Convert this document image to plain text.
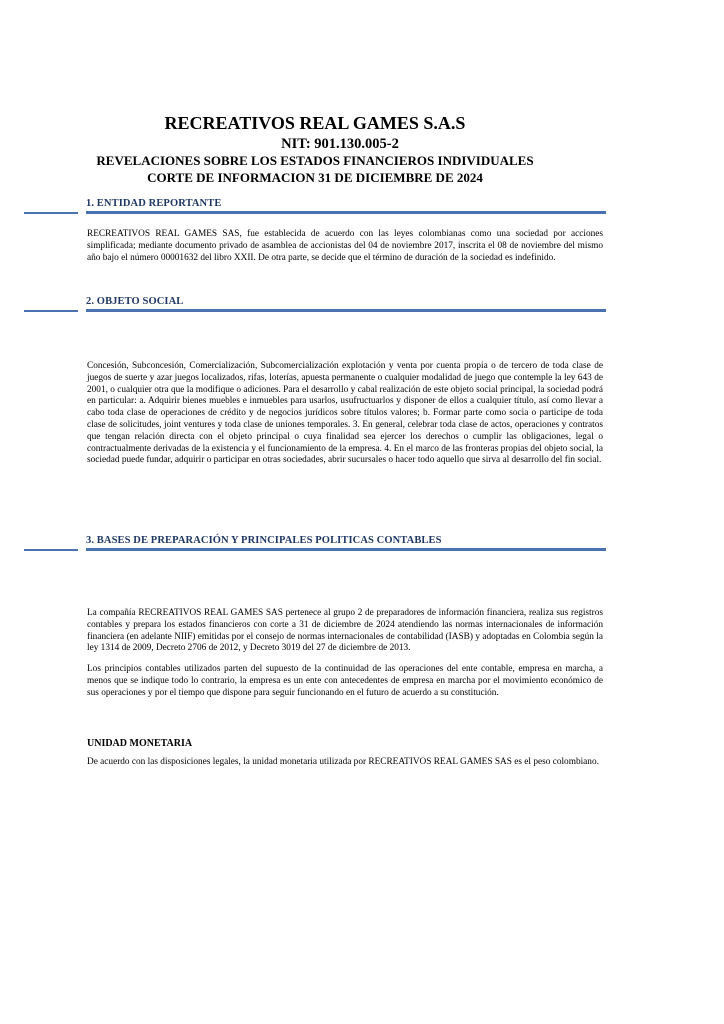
RECREATIVOS REAL GAMES S.A.S
NIT: 901.130.005-2
REVELACIONES SOBRE LOS ESTADOS FINANCIEROS INDIVIDUALES
CORTE DE INFORMACION 31 DE DICIEMBRE DE 2024
1. ENTIDAD REPORTANTE

RECREATIVOS REAL GAMES SAS, fue establecida de acuerdo con las leyes colombianas como una sociedad por acciones simplificada; mediante documento privado de asamblea de accionistas del 04 de noviembre 2017, inscrita el 08 de noviembre del mismo año bajo el número 00001632 del libro XXII. De otra parte, se decide que el término de duración de la sociedad es indefinido.

2. OBJETO SOCIAL

Concesión, Subconcesión, Comercialización, Subcomercialización explotación y venta por cuenta propia o de tercero de toda clase de juegos de suerte y azar juegos localizados, rifas, loterías, apuesta permanente o cualquier modalidad de juego que contemple la ley 643 de 2001, o cualquier otra que la modifique o adiciones. Para el desarrollo y cabal realización de este objeto social principal, la sociedad podrá en particular: a. Adquirir bienes muebles e inmuebles para usarlos, usufructuarlos y disponer de ellos a cualquier título, así como llevar a cabo toda clase de operaciones de crédito y de negocios jurídicos sobre títulos valores; b. Formar parte como socia o participe de toda clase de solicitudes, joint ventures y toda clase de uniones temporales. 3. En general, celebrar toda clase de actos, operaciones y contratos que tengan relación directa con el objeto principal o cuya finalidad sea ejercer los derechos o cumplir las obligaciones, legal o contractualmente derivadas de la existencia y el funcionamiento de la empresa. 4. En el marco de las fronteras propias del objeto social, la sociedad puede fundar, adquirir o participar en otras sociedades, abrir sucursales o hacer todo aquello que sirva al desarrollo del fin social.

3. BASES DE PREPARACIÓN Y PRINCIPALES POLITICAS CONTABLES

La compañía RECREATIVOS REAL GAMES SAS pertenece al grupo 2 de preparadores de información financiera, realiza sus registros contables y prepara los estados financieros con corte a 31 de diciembre de 2024 atendiendo las normas internacionales de información financiera (en adelante NIIF) emitidas por el consejo de normas internacionales de contabilidad (IASB) y adoptadas en Colombia según la ley 1314 de 2009, Decreto 2706 de 2012, y Decreto 3019 del 27 de diciembre de 2013.

Los principios contables utilizados parten del supuesto de la continuidad de las operaciones del ente contable, empresa en marcha, a menos que se indique todo lo contrario, la empresa es un ente con antecedentes de empresa en marcha por el movimiento económico de sus operaciones y por el tiempo que dispone para seguir funcionando en el futuro de acuerdo a su constitución.

UNIDAD MONETARIA

De acuerdo con las disposiciones legales, la unidad monetaria utilizada por RECREATIVOS REAL GAMES SAS es el peso colombiano.
